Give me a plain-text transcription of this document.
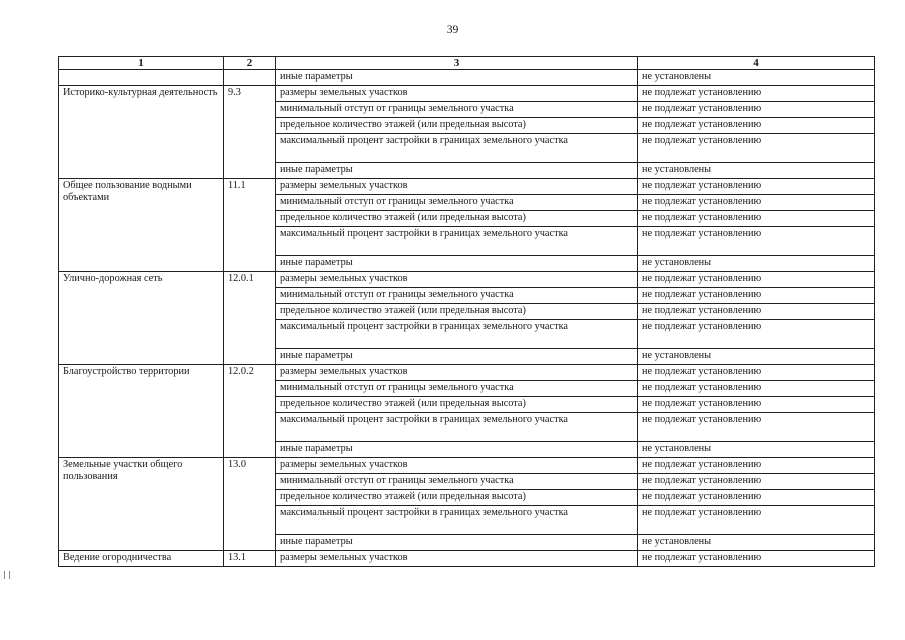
39
1	2	3	4
		иные параметры	не установлены
Историко-культурная деятельность	9.3	размеры земельных участков	не подлежат установлению
		минимальный отступ от границы земельного участка	не подлежат установлению
		предельное количество этажей (или предельная высота)	не подлежат установлению
		максимальный процент застройки в границах земельного участка	не подлежат установлению
		иные параметры	не установлены
Общее пользование водными объектами	11.1	размеры земельных участков	не подлежат установлению
		минимальный отступ от границы земельного участка	не подлежат установлению
		предельное количество этажей (или предельная высота)	не подлежат установлению
		максимальный процент застройки в границах земельного участка	не подлежат установлению
		иные параметры	не установлены
Улично-дорожная сеть	12.0.1	размеры земельных участков	не подлежат установлению
		минимальный отступ от границы земельного участка	не подлежат установлению
		предельное количество этажей (или предельная высота)	не подлежат установлению
		максимальный процент застройки в границах земельного участка	не подлежат установлению
		иные параметры	не установлены
Благоустройство территории	12.0.2	размеры земельных участков	не подлежат установлению
		минимальный отступ от границы земельного участка	не подлежат установлению
		предельное количество этажей (или предельная высота)	не подлежат установлению
		максимальный процент застройки в границах земельного участка	не подлежат установлению
		иные параметры	не установлены
Земельные участки общего пользования	13.0	размеры земельных участков	не подлежат установлению
		минимальный отступ от границы земельного участка	не подлежат установлению
		предельное количество этажей (или предельная высота)	не подлежат установлению
		максимальный процент застройки в границах земельного участка	не подлежат установлению
		иные параметры	не установлены
Ведение огородничества	13.1	размеры земельных участков	не подлежат установлению
